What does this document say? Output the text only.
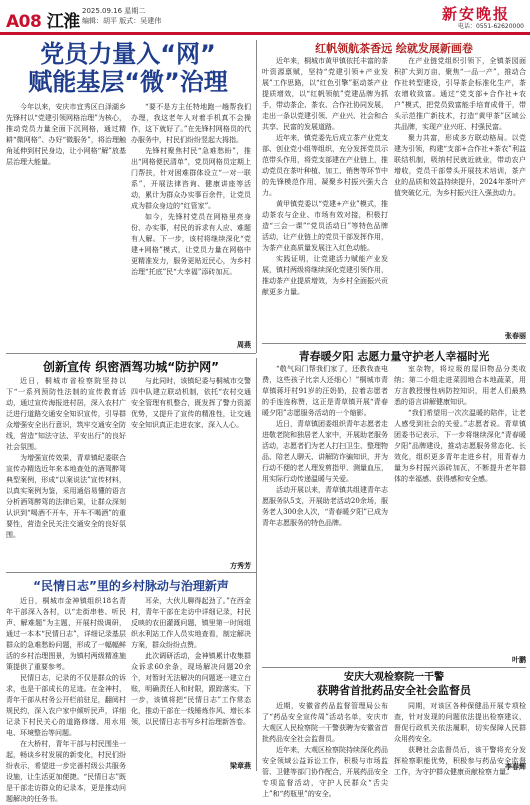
A08 江淮
2025.09.16 星期二
编辑：胡平 版式：吴建伟	新安晚报
电话：0551-62620000
党员力量入“网”
赋能基层“微”治理

今年以来，安庆市宜秀区白泽湖乡先锋村以“党建引领网格治理”为核心，推动党员力量全面下沉网格，通过精耕“微网格”、办好“微服务”，将治理触角延伸到村民身边，让小网格“解”放基层治理大能量。

“要不是方主任特地跑一趟帮我们办理，我这老年人对着手机真不会操作，这下就好了。”在先锋村网格员的代办服务中，村民们纷纷竖起大拇指。

先锋村聚焦村民“急难愁盼”，推出“网格便民清单”，党员网格员定期上门帮扶，针对困难群体设立“一对一联系”，开展法律咨询、健康讲座等活动，累计为群众办实事百余件，让党员成为群众身边的“红管家”。

如今，先锋村党员在网格里亮身份、办实事，村民的诉求有人应、难题有人解。下一步，该村将继续深化“党建+网格”模式，让党员力量在网格中更精准发力，服务更贴近民心，为乡村治理“托底”民“大幸福”添砖加瓦。

周燕
红帆领航茶香远 绘就发展新画卷

近年来，桐城市黄甲镇依托丰富的茶叶资源禀赋，坚持“党建引领+产业发展”工作思路，以“红色引擎”驱动茶产业提质增效，以“红帆领航”党建品牌为抓手，带动茶企、茶农、合作社协同发展，走出一条以党建引领、产业兴、社会和合共享、民富的发展道路。

近年来，镇党委先后成立茶产业党支部、创业党小组等组织，充分发挥党员示范带头作用，将党支部建在产业链上，推动党员在茶叶种植、加工、销售等环节中的先锋模范作用，凝聚乡村振兴强大合力。

黄甲镇党委以“党建+产业”模式，推动茶农与企业、市场有效对接，积极打造“三会一课”“党员活动日”等特色品牌活动，让产业链上的党员干部发挥作用，为茶产业高质量发展注入红色动能。

实践证明，让党建活力赋能产业发展，镇村两级将继续深化党建引领作用，推动茶产业提质增效，为乡村全面振兴贡献更多力量。

在产业链党组织引领下，全镇茶园面积扩大到万亩，聚焦“一品一产”，推动合作社转型建设，引导茶企标准化生产，茶农增收致富。通过“党支部+合作社+农户”模式，把党员致富能手培育成骨干，带头示范推广新技术，打造“黄甲茶”区域公共品牌，实现产业兴旺、村强民富。

聚力共富，形成多方联动格局。以党建为引领，构建“支部+合作社+茶农”利益联结机制，吸纳村民就近就业，带动农户增收，党员干部带头开展技术培训，茶产业的品质和效益持续提升，2024年茶叶产值突破亿元，为乡村振兴注入强劲动力。

张春丽
创新宣传 织密酒驾功城“防护网”

近日，桐城市省检察院坚持以下“一系列预防性法制的宣传教育活动，通过宣传海报进村居，深入农村广泛进行道路交通安全知识宣传，引导群众增强安全出行意识，筑牢交通安全防线，营造“知法守法、平安出行”的良好社会氛围。

为增强宣传效果，青草镇纪委联合宣传办精选近年来本地查处的酒驾醉驾典型案例，形成“以案说法”宣传材料，以真实案例为鉴，采用通俗易懂的语言分析酒驾醉驾的法律后果，让群众深刻认识到“喝酒不开车，开车不喝酒”的重要性，营造全民关注交通安全的良好氛围。

与此同时，该镇纪委与桐城市交警四中队建立联动机制，依托“农村交通安全管理有机整合，既发挥了警力资源优势，又提升了宣传的精准性，让交通安全知识真正走进农家、深入人心。

方秀芳
青春暖夕阳 志愿力量守护老人幸福时光

“敬气闷门帮我们家了，还教我查电费，这些孩子比亲人还细心！”桐城市青草镇蒋圩村91岁的汪奶奶，拉着志愿者的手连连称赞，这正是青草镇开展“青春暖夕阳”志愿服务活动的一个缩影。

近日，青草镇团委组织青年志愿者走进敬老院和独居老人家中，开展助老服务活动，志愿者们为老人打扫卫生、整理物品、陪老人聊天、讲解防诈骗知识，并为行动不便的老人理发剪指甲、测量血压，用实际行动传递温暖与关爱。

活动开展以来，青草镇共组建青年志愿服务队5支，开展助老活动20余场，服务老人300余人次，“青春暖夕阳”已成为青年志愿服务的特色品牌。

室杂物，将垃圾的屋旧物品分类收纳；第二小组走进菜园地合本地蔬菜，用方言教授慢性病防控知识，用老人们最熟悉的语言讲解健康知识。

“我们希望用一次次温暖的陪伴，让老人感受到社会的关爱。”志愿者说。青草镇团委书记表示，下一步将继续深化“青春暖夕阳”品牌建设，推动志愿服务常态化、长效化，组织更多青年走进乡村，用青春力量为乡村振兴添砖加瓦，不断提升老年群体的幸福感、获得感和安全感。

叶鹏
“民情日志”里的乡村脉动与治理新声

近日，桐城市金神镇组织18名青年干部深入各村，以“走街串巷、听民声、解难题”为主题，开展村级调研，通过一本本“民情日志”，详细记录基层群众的急难愁盼问题，形成了一幅幅鲜活的乡村治理图景，为镇村两级精准施策提供了重要参考。

民情日志，记录的不仅是群众的诉求，也是干部成长的足迹。在金神村，青年干部从村务公开栏前驻足，翻阅村规民约，深入农户家中倾听民声，详细记录下村民关心的道路修缮、用水用电、环境整治等问题。

在大桥村，青年干部与村民围坐一起，畅谈乡村发展的新变化，村民们纷纷表示，希望进一步完善村级公共服务设施，让生活更加便捷。“民情日志”既是干部走访群众的记录本，更是推动问题解决的任务书。

耳朵，大伙儿聊得起劲了。”在西金村，青年干部在走访中详细记录，村民反映的农田灌溉问题，镇里第一时间组织水利站工作人员实地查看，制定解决方案，群众纷纷点赞。

此次调研活动，金神镇累计收集群众诉求60余条，现场解决问题20余个，对暂时无法解决的问题逐一建立台账，明确责任人和时限，跟踪落实。下一步，该镇将把“民情日志”工作常态化，推动干部在一线锤炼作风、增长本领，以民情日志书写乡村治理新答卷。

梁章燕
安庆大观检察院一干警
获聘省首批药品安全社会监督员

近期，安徽省药品监督管理局公布了“药品安全宣传周”活动名单，安庆市大观区人民检察院一干警获聘为安徽省首批药品安全社会监督员。

近年来，大观区检察院持续深化药品安全领域公益诉讼工作，积极与市场监管、卫健等部门协作配合，开展药品安全专项监督活动，守护人民群众“舌尖上”和“药瓶里”的安全。

同期，对该区各种保健品开展专项检查，针对发现的问题依法提出检察建议，督促行政机关依法履职，切实保障人民群众用药安全。

获聘社会监督员后，该干警将充分发挥检察职能优势，积极参与药品安全监督工作，为守护群众健康贡献检察力量。

李春辉
